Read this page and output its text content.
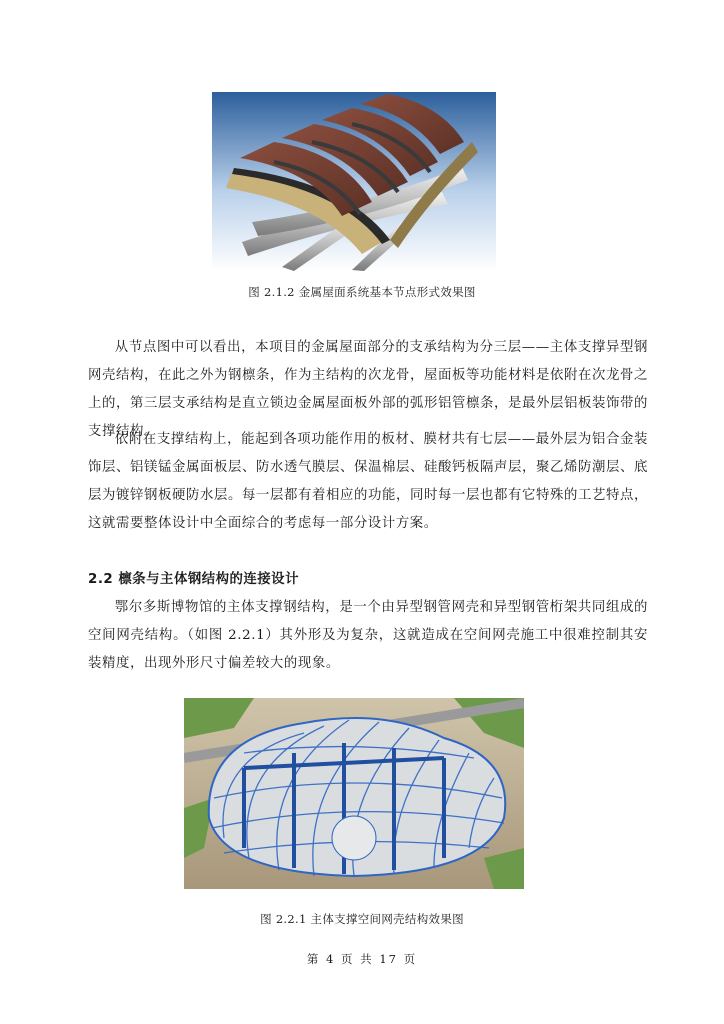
图 2.1.2 金属屋面系统基本节点形式效果图
从节点图中可以看出，本项目的金属屋面部分的支承结构为分三层——主体支撑异型钢网壳结构，在此之外为钢檩条，作为主结构的次龙骨，屋面板等功能材料是依附在次龙骨之上的，第三层支承结构是直立锁边金属屋面板外部的弧形铝管檩条，是最外层铝板装饰带的支撑结构。
依附在支撑结构上，能起到各项功能作用的板材、膜材共有七层——最外层为铝合金装饰层、铝镁锰金属面板层、防水透气膜层、保温棉层、硅酸钙板隔声层，聚乙烯防潮层、底层为镀锌钢板硬防水层。每一层都有着相应的功能，同时每一层也都有它特殊的工艺特点，这就需要整体设计中全面综合的考虑每一部分设计方案。
2.2 檩条与主体钢结构的连接设计
鄂尔多斯博物馆的主体支撑钢结构，是一个由异型钢管网壳和异型钢管桁架共同组成的空间网壳结构。（如图 2.2.1）其外形及为复杂，这就造成在空间网壳施工中很难控制其安装精度，出现外形尺寸偏差较大的现象。
图 2.2.1 主体支撑空间网壳结构效果图
第 4 页 共 17 页
